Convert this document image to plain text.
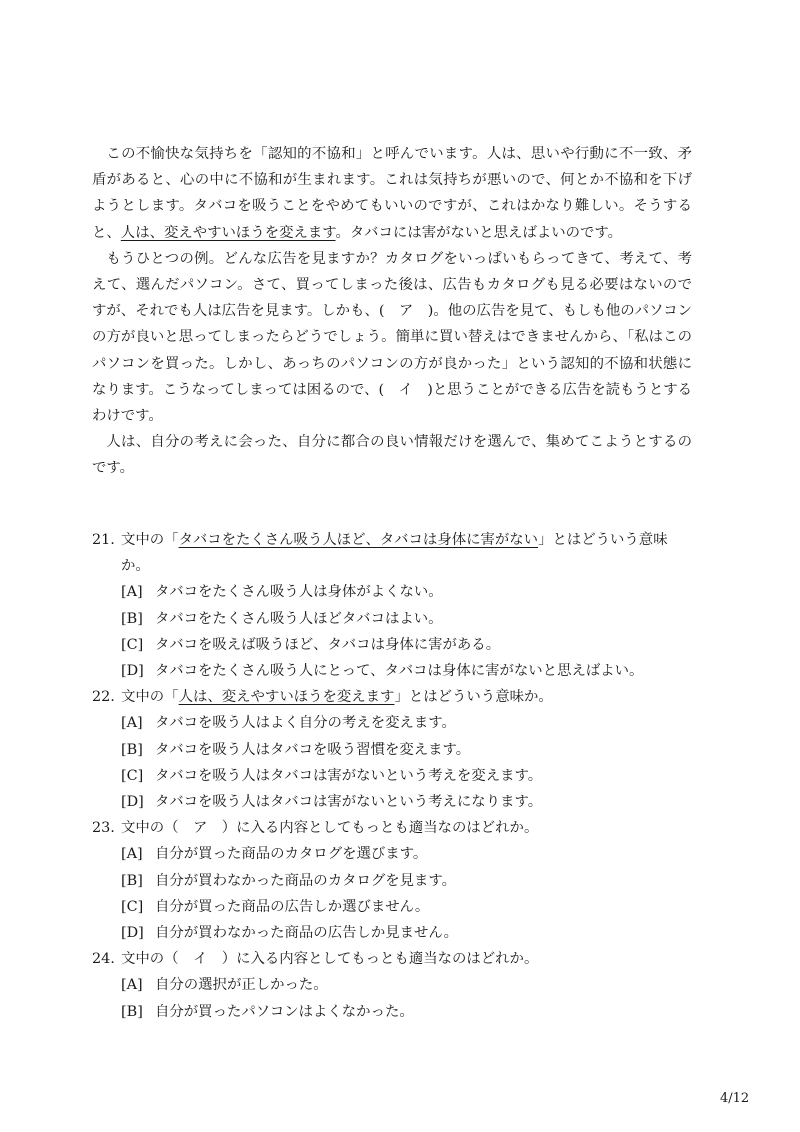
この不愉快な気持ちを「認知的不協和」と呼んでいます。人は、思いや行動に不一致、矛盾があると、心の中に不協和が生まれます。これは気持ちが悪いので、何とか不協和を下げようとします。タバコを吸うことをやめてもいいのですが、これはかなり難しい。そうすると、人は、変えやすいほうを変えます。タバコには害がないと思えばよいのです。

もうひとつの例。どんな広告を見ますか？カタログをいっぱいもらってきて、考えて、考えて、選んだパソコン。さて、買ってしまった後は、広告もカタログも見る必要はないのですが、それでも人は広告を見ます。しかも、(　ア　)。他の広告を見て、もしも他のパソコンの方が良いと思ってしまったらどうでしょう。簡単に買い替えはできませんから、「私はこのパソコンを買った。しかし、あっちのパソコンの方が良かった」という認知的不協和状態になります。こうなってしまっては困るので、(　イ　)と思うことができる広告を読もうとするわけです。

人は、自分の考えに会った、自分に都合の良い情報だけを選んで、集めてこようとするのです。

21. 文中の「タバコをたくさん吸う人ほど、タバコは身体に害がない」とはどういう意味か。
[A] タバコをたくさん吸う人は身体がよくない。
[B] タバコをたくさん吸う人ほどタバコはよい。
[C] タバコを吸えば吸うほど、タバコは身体に害がある。
[D] タバコをたくさん吸う人にとって、タバコは身体に害がないと思えばよい。
22. 文中の「人は、変えやすいほうを変えます」とはどういう意味か。
[A] タバコを吸う人はよく自分の考えを変えます。
[B] タバコを吸う人はタバコを吸う習慣を変えます。
[C] タバコを吸う人はタバコは害がないという考えを変えます。
[D] タバコを吸う人はタバコは害がないという考えになります。
23. 文中の（　ア　）に入る内容としてもっとも適当なのはどれか。
[A] 自分が買った商品のカタログを選びます。
[B] 自分が買わなかった商品のカタログを見ます。
[C] 自分が買った商品の広告しか選びません。
[D] 自分が買わなかった商品の広告しか見ません。
24. 文中の（　イ　）に入る内容としてもっとも適当なのはどれか。
[A] 自分の選択が正しかった。
[B] 自分が買ったパソコンはよくなかった。
4/12
